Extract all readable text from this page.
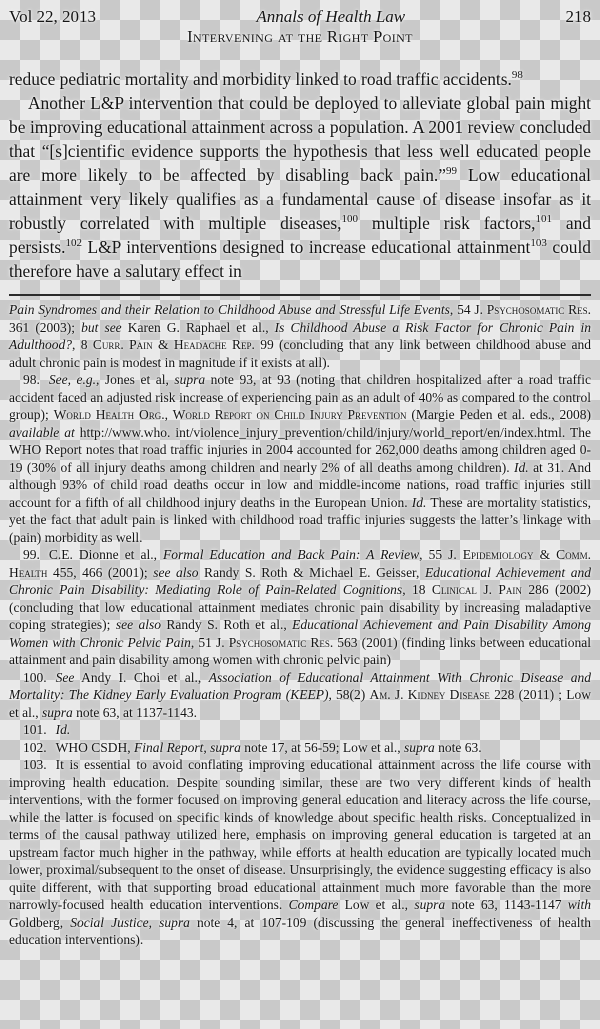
Vol 22, 2013	Annals of Health Law	218
Intervening at the Right Point

reduce pediatric mortality and morbidity linked to road traffic accidents.$^{98}$

Another L&P intervention that could be deployed to alleviate global pain might be improving educational attainment across a population. A 2001 review concluded that “[s]cientific evidence supports the hypothesis that less well educated people are more likely to be affected by disabling back pain.”$^{99}$ Low educational attainment very likely qualifies as a fundamental cause of disease insofar as it robustly correlated with multiple diseases,$^{100}$ multiple risk factors,$^{101}$ and persists.$^{102}$ L&P interventions designed to increase educational attainment$^{103}$ could therefore have a salutary effect in

Pain Syndromes and their Relation to Childhood Abuse and Stressful Life Events, 54 J. Psychosomatic Res. 361 (2003); but see Karen G. Raphael et al., Is Childhood Abuse a Risk Factor for Chronic Pain in Adulthood?, 8 Curr. Pain & Headache Rep. 99 (concluding that any link between childhood abuse and adult chronic pain is modest in magnitude if it exists at all).

98. See, e.g., Jones et al, supra note 93, at 93 (noting that children hospitalized after a road traffic accident faced an adjusted risk increase of experiencing pain as an adult of 40% as compared to the control group); World Health Org., World Report on Child Injury Prevention (Margie Peden et al. eds., 2008) available at http://www.who. int/violence_injury_prevention/child/injury/world_report/en/index.html. The WHO Report notes that road traffic injuries in 2004 accounted for 262,000 deaths among children aged 0-19 (30% of all injury deaths among children and nearly 2% of all deaths among children). Id. at 31. And although 93% of child road deaths occur in low and middle-income nations, road traffic injuries still account for a fifth of all childhood injury deaths in the European Union. Id. These are mortality statistics, yet the fact that adult pain is linked with childhood road traffic injuries suggests the latter’s linkage with (pain) morbidity as well.

99. C.E. Dionne et al., Formal Education and Back Pain: A Review, 55 J. Epidemiology & Comm. Health 455, 466 (2001); see also Randy S. Roth & Michael E. Geisser, Educational Achievement and Chronic Pain Disability: Mediating Role of Pain-Related Cognitions, 18 Clinical J. Pain 286 (2002) (concluding that low educational attainment mediates chronic pain disability by increasing maladaptive coping strategies); see also Randy S. Roth et al., Educational Achievement and Pain Disability Among Women with Chronic Pelvic Pain, 51 J. Psychosomatic Res. 563 (2001) (finding links between educational attainment and pain disability among women with chronic pelvic pain)

100. See Andy I. Choi et al., Association of Educational Attainment With Chronic Disease and Mortality: The Kidney Early Evaluation Program (KEEP), 58(2) Am. J. Kidney Disease 228 (2011) ; Low et al., supra note 63, at 1137-1143.

101. Id.

102. WHO CSDH, Final Report, supra note 17, at 56-59; Low et al., supra note 63.

103. It is essential to avoid conflating improving educational attainment across the life course with improving health education. Despite sounding similar, these are two very different kinds of health interventions, with the former focused on improving general education and literacy across the life course, while the latter is focused on specific kinds of knowledge about specific health risks. Conceptualized in terms of the causal pathway utilized here, emphasis on improving general education is targeted at an upstream factor much higher in the pathway, while efforts at health education are typically located much lower, proximal/subsequent to the onset of disease. Unsurprisingly, the evidence suggesting efficacy is also quite different, with that supporting broad educational attainment much more favorable than the more narrowly-focused health education interventions. Compare Low et al., supra note 63, 1143-1147 with Goldberg, Social Justice, supra note 4, at 107-109 (discussing the general ineffectiveness of health education interventions).
